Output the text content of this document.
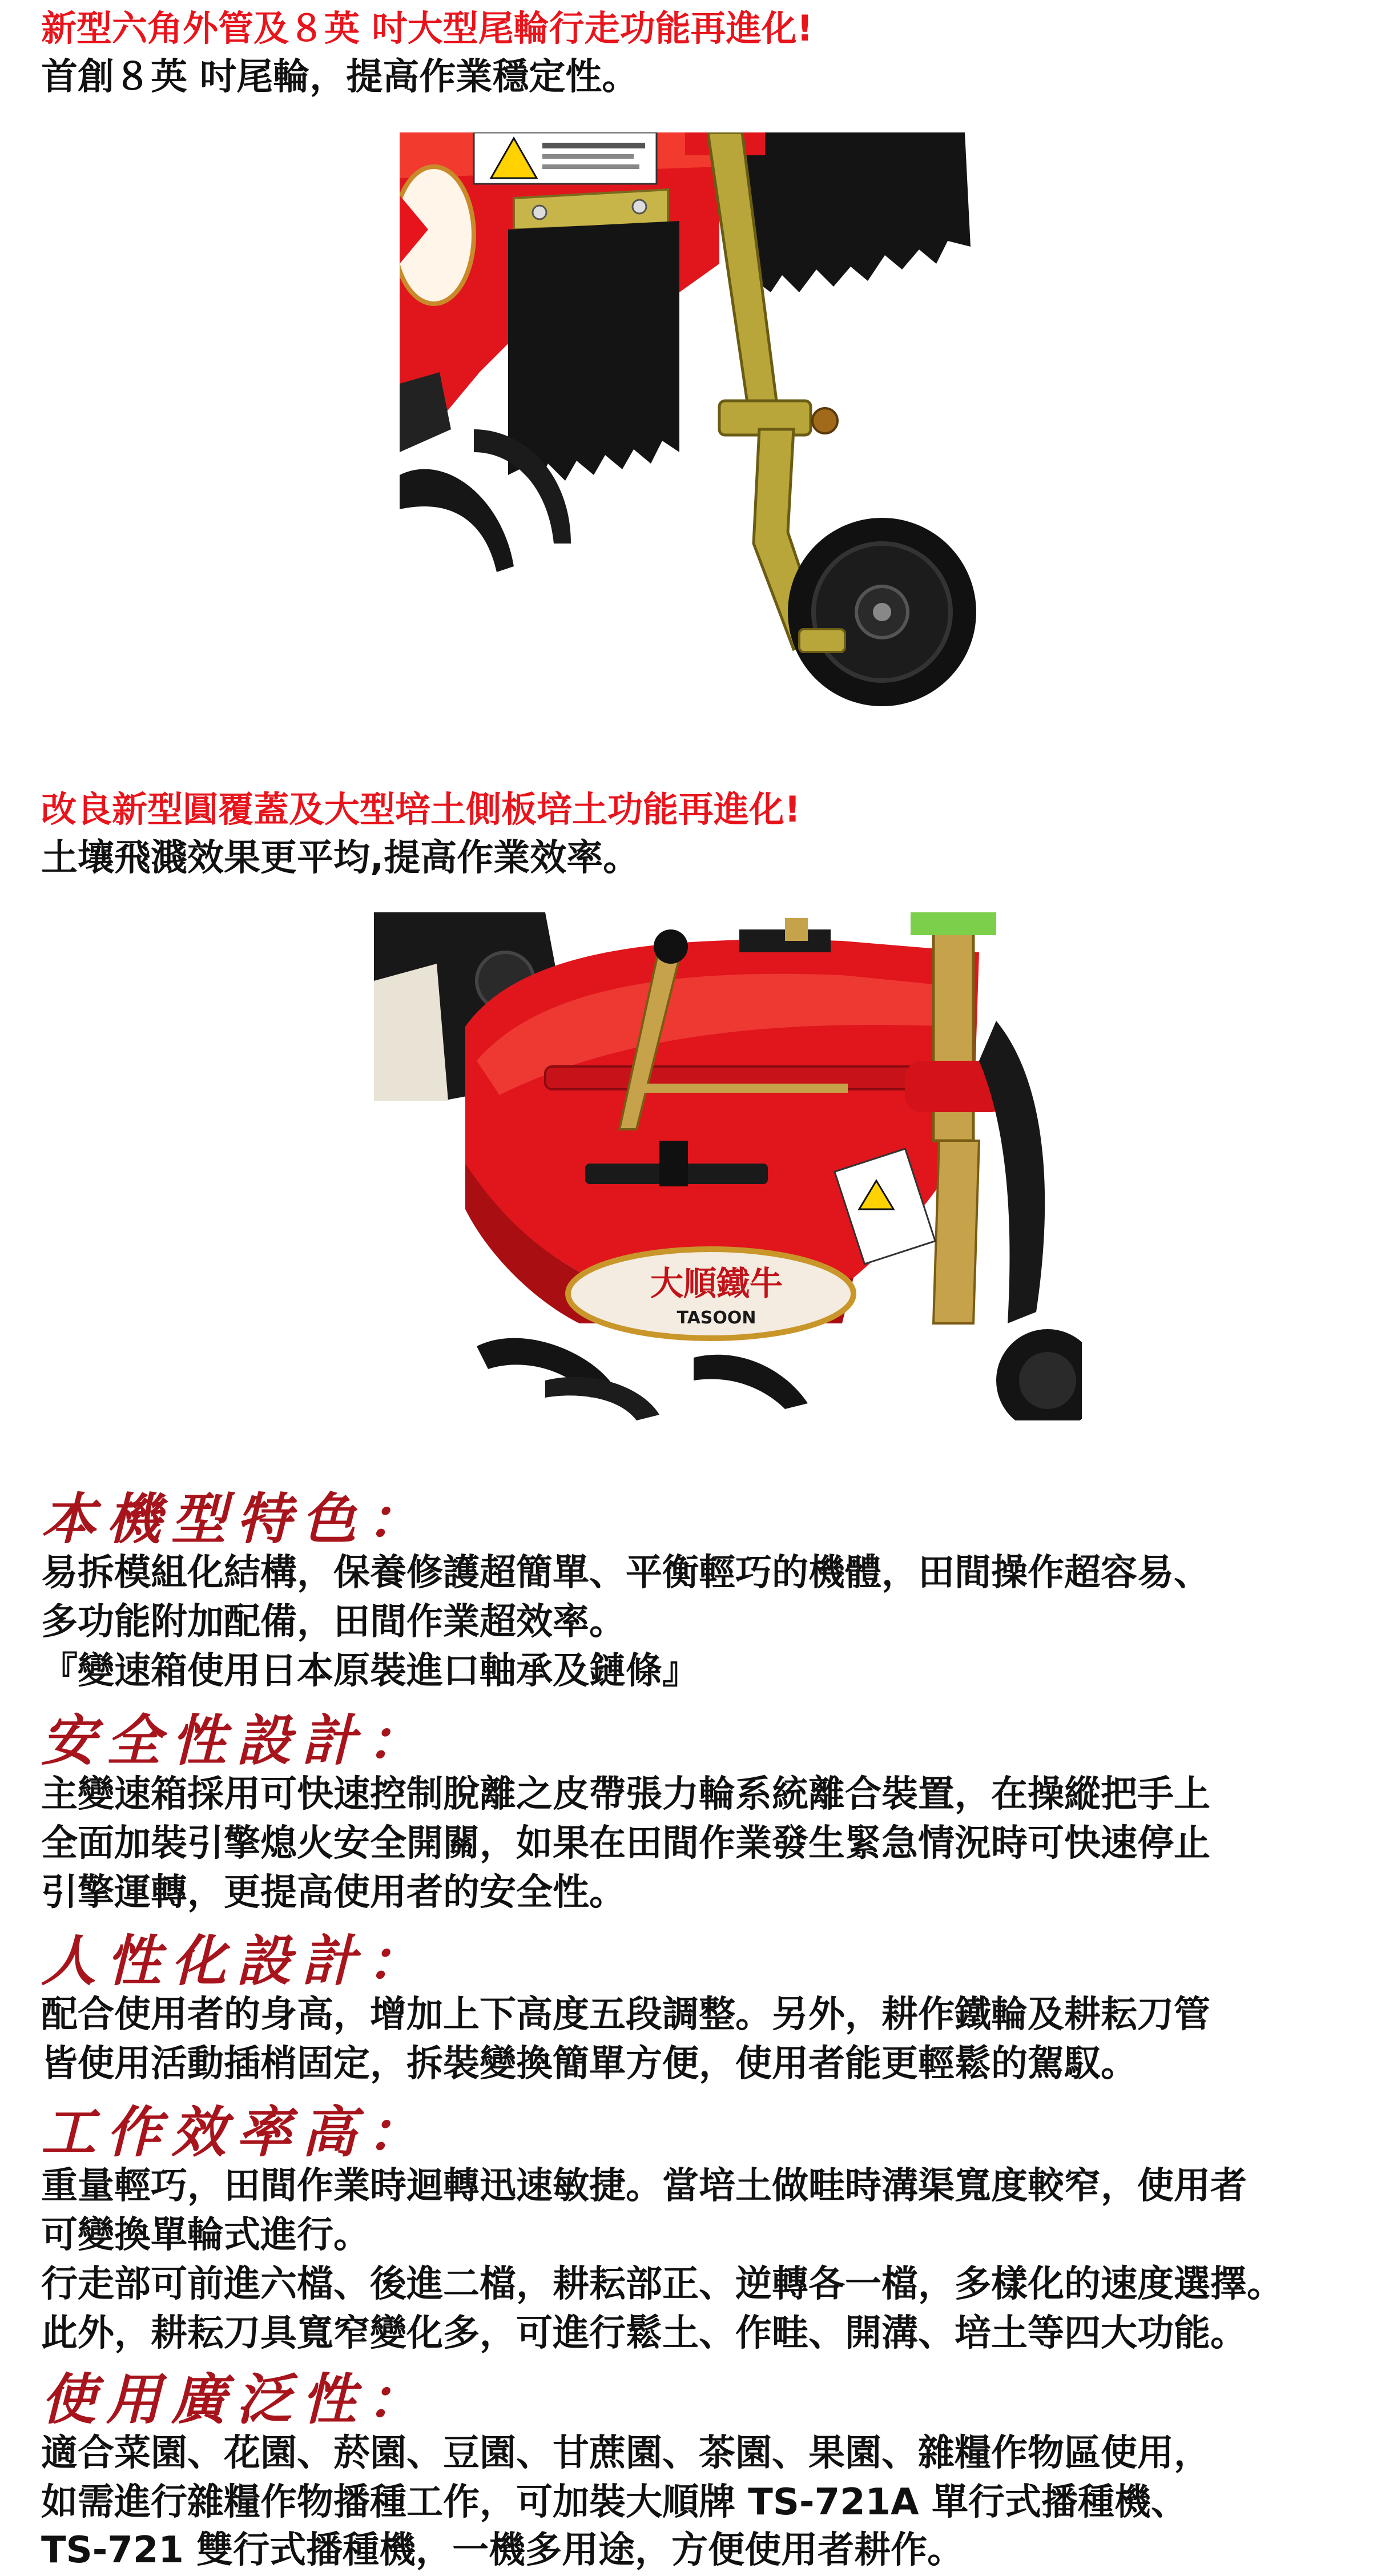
新型六角外管及８英 吋大型尾輪行走功能再進化!
首創８英 吋尾輪，提高作業穩定性。
改良新型圓覆蓋及大型培土側板培土功能再進化!
土壤飛濺效果更平均,提高作業效率。
大順鐵牛
TASOON
本機型特色：
易拆模組化結構，保養修護超簡單、平衡輕巧的機體，田間操作超容易、
多功能附加配備，田間作業超效率。
『變速箱使用日本原裝進口軸承及鏈條』
安全性設計：
主變速箱採用可快速控制脫離之皮帶張力輪系統離合裝置，在操縱把手上
全面加裝引擎熄火安全開關，如果在田間作業發生緊急情況時可快速停止
引擎運轉，更提高使用者的安全性。
人性化設計：
配合使用者的身高，增加上下高度五段調整。另外，耕作鐵輪及耕耘刀管
皆使用活動插梢固定，拆裝變換簡單方便，使用者能更輕鬆的駕馭。
工作效率高：
重量輕巧，田間作業時迴轉迅速敏捷。當培土做畦時溝渠寬度較窄，使用者
可變換單輪式進行。
行走部可前進六檔、後進二檔，耕耘部正、逆轉各一檔，多樣化的速度選擇。
此外，耕耘刀具寬窄變化多，可進行鬆土、作畦、開溝、培土等四大功能。
使用廣泛性：
適合菜園、花園、菸園、豆園、甘蔗園、茶園、果園、雜糧作物區使用，
如需進行雜糧作物播種工作，可加裝大順牌 TS-721A 單行式播種機、
TS-721 雙行式播種機，一機多用途，方便使用者耕作。
